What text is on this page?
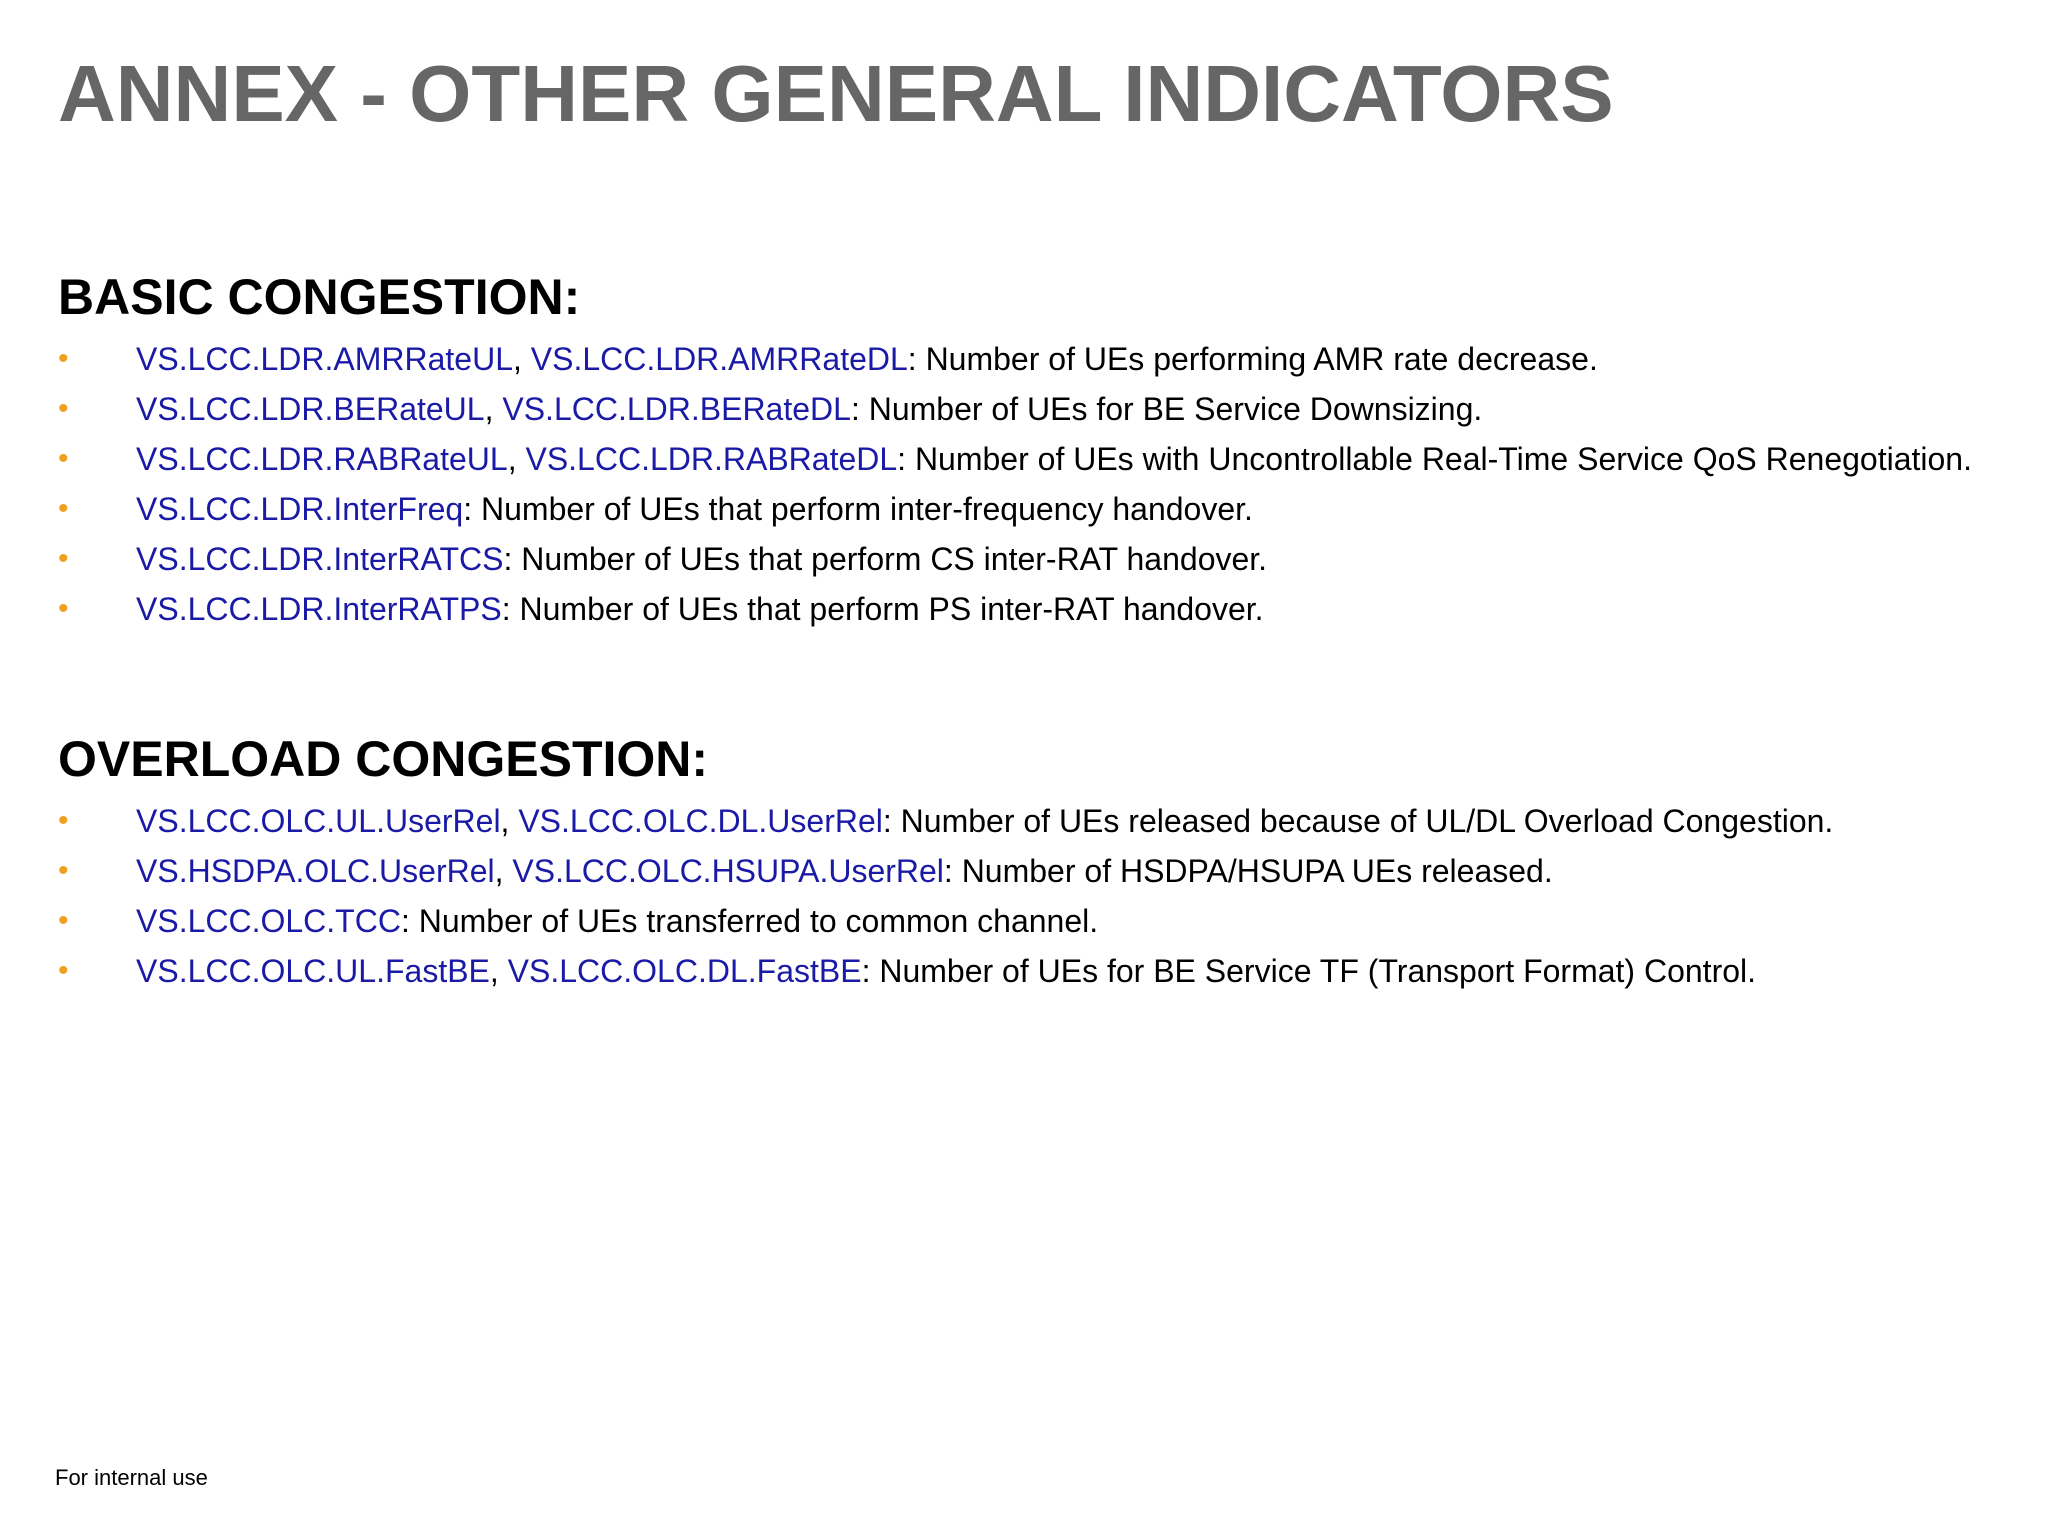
ANNEX - OTHER GENERAL INDICATORS
BASIC CONGESTION:
• VS.LCC.LDR.AMRRateUL, VS.LCC.LDR.AMRRateDL: Number of UEs performing AMR rate decrease.
• VS.LCC.LDR.BERateUL, VS.LCC.LDR.BERateDL: Number of UEs for BE Service Downsizing.
• VS.LCC.LDR.RABRateUL, VS.LCC.LDR.RABRateDL: Number of UEs with Uncontrollable Real-Time Service QoS Renegotiation.
• VS.LCC.LDR.InterFreq: Number of UEs that perform inter-frequency handover.
• VS.LCC.LDR.InterRATCS: Number of UEs that perform CS inter-RAT handover.
• VS.LCC.LDR.InterRATPS: Number of UEs that perform PS inter-RAT handover.
OVERLOAD CONGESTION:
• VS.LCC.OLC.UL.UserRel, VS.LCC.OLC.DL.UserRel: Number of UEs released because of UL/DL Overload Congestion.
• VS.HSDPA.OLC.UserRel, VS.LCC.OLC.HSUPA.UserRel: Number of HSDPA/HSUPA UEs released.
• VS.LCC.OLC.TCC: Number of UEs transferred to common channel.
• VS.LCC.OLC.UL.FastBE, VS.LCC.OLC.DL.FastBE: Number of UEs for BE Service TF (Transport Format) Control.
For internal use
